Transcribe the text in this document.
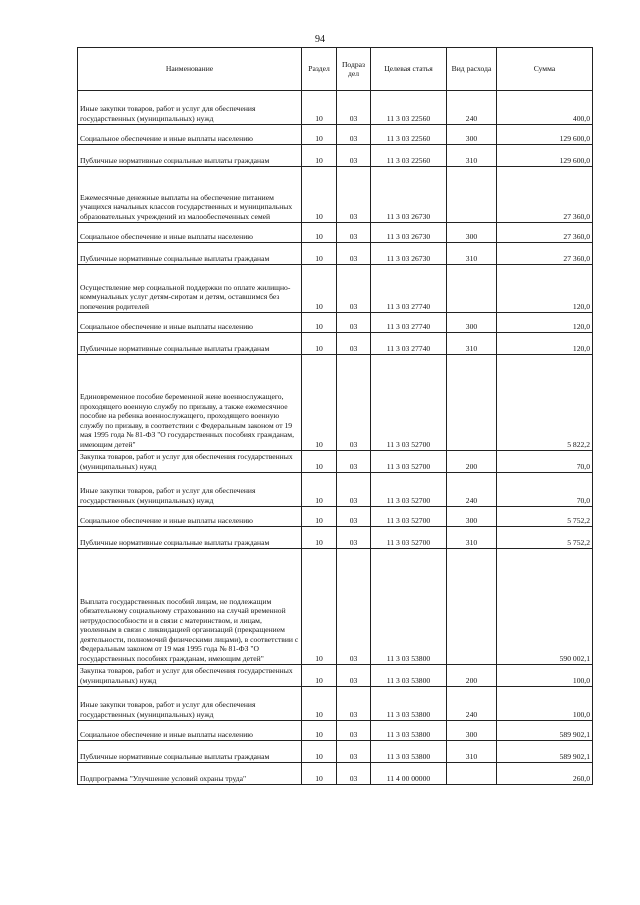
94
Наименование	Раздел	Подраз дел	Целевая статья	Вид расхода	Сумма
Иные закупки товаров, работ и услуг для обеспечения государственных (муниципальных) нужд	10	03	11 3 03 22560	240	400,0
Социальное обеспечение и иные выплаты населению	10	03	11 3 03 22560	300	129 600,0
Публичные нормативные социальные выплаты гражданам	10	03	11 3 03 22560	310	129 600,0
Ежемесячные денежные выплаты на обеспечение питанием учащихся начальных классов государственных и муниципальных образовательных учреждений из малообеспеченных семей	10	03	11 3 03 26730		27 360,0
Социальное обеспечение и иные выплаты населению	10	03	11 3 03 26730	300	27 360,0
Публичные нормативные социальные выплаты гражданам	10	03	11 3 03 26730	310	27 360,0
Осуществление мер социальной поддержки по оплате жилищно-коммунальных услуг детям-сиротам и детям, оставшимся без попечения родителей	10	03	11 3 03 27740		120,0
Социальное обеспечение и иные выплаты населению	10	03	11 3 03 27740	300	120,0
Публичные нормативные социальные выплаты гражданам	10	03	11 3 03 27740	310	120,0
Единовременное пособие беременной жене военнослужащего, проходящего военную службу по призыву, а также ежемесячное пособие на ребенка военнослужащего, проходящего военную службу по призыву, в соответствии с Федеральным законом от 19 мая 1995 года № 81-ФЗ "О государственных пособиях гражданам, имеющим детей"	10	03	11 3 03 52700		5 822,2
Закупка товаров, работ и услуг для обеспечения государственных (муниципальных) нужд	10	03	11 3 03 52700	200	70,0
Иные закупки товаров, работ и услуг для обеспечения государственных (муниципальных) нужд	10	03	11 3 03 52700	240	70,0
Социальное обеспечение и иные выплаты населению	10	03	11 3 03 52700	300	5 752,2
Публичные нормативные социальные выплаты гражданам	10	03	11 3 03 52700	310	5 752,2
Выплата государственных пособий лицам, не подлежащим обязательному социальному страхованию на случай временной нетрудоспособности и в связи с материнством, и лицам, уволенным в связи с ликвидацией организаций (прекращением деятельности, полномочий физическими лицами), в соответствии с Федеральным законом от 19 мая 1995 года № 81-ФЗ "О государственных пособиях гражданам, имеющим детей"	10	03	11 3 03 53800		590 002,1
Закупка товаров, работ и услуг для обеспечения государственных (муниципальных) нужд	10	03	11 3 03 53800	200	100,0
Иные закупки товаров, работ и услуг для обеспечения государственных (муниципальных) нужд	10	03	11 3 03 53800	240	100,0
Социальное обеспечение и иные выплаты населению	10	03	11 3 03 53800	300	589 902,1
Публичные нормативные социальные выплаты гражданам	10	03	11 3 03 53800	310	589 902,1
Подпрограмма "Улучшение условий охраны труда"	10	03	11 4 00 00000		260,0
